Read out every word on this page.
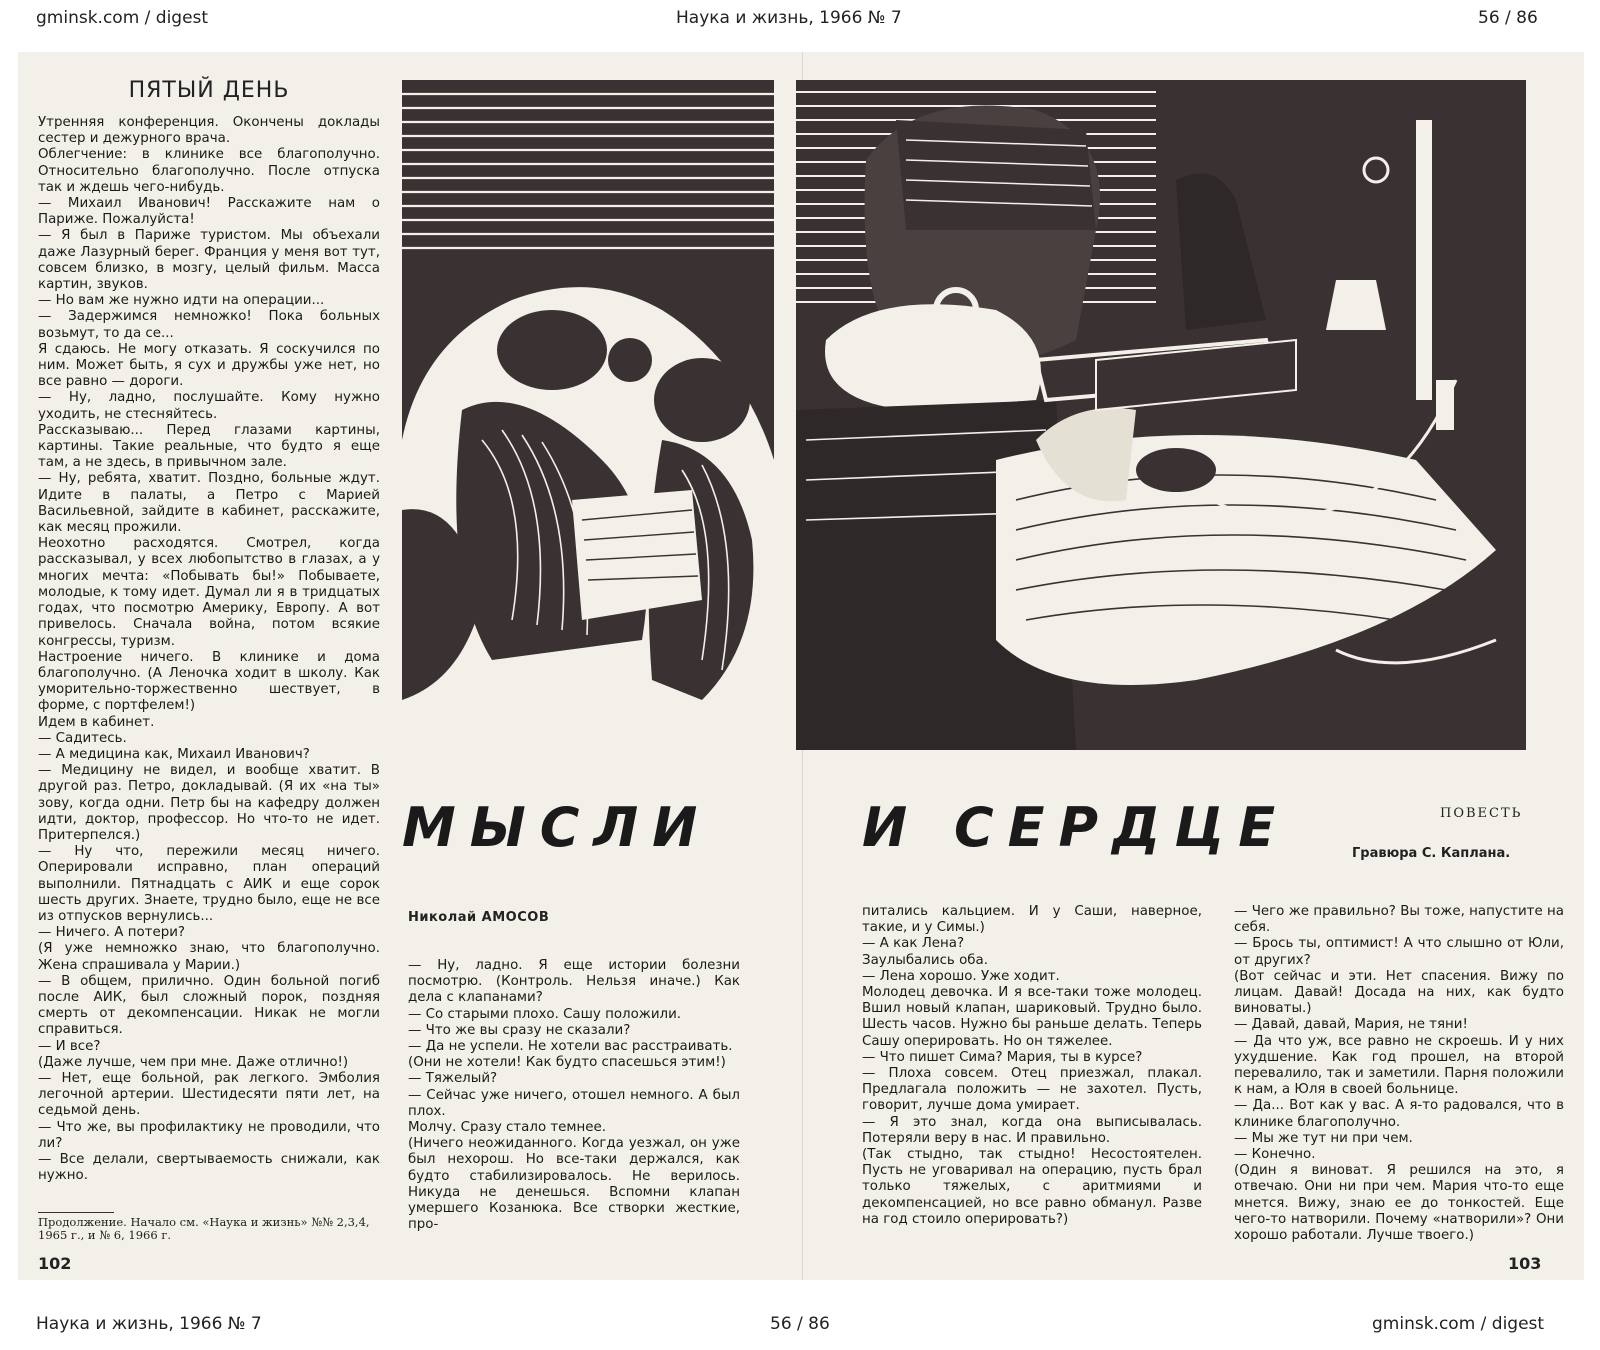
gminsk.com / digest	Наука и жизнь, 1966 № 7	56 / 86
ПЯТЫЙ ДЕНЬ
Утренняя конференция. Окончены доклады сестер и дежурного врача.
Облегчение: в клинике все благополучно. Относительно благополучно. После отпуска так и ждешь чего-нибудь.
— Михаил Иванович! Расскажите нам о Париже. Пожалуйста!
— Я был в Париже туристом. Мы объехали даже Лазурный берег. Франция у меня вот тут, совсем близко, в мозгу, целый фильм. Масса картин, звуков.
— Но вам же нужно идти на операции...
— Задержимся немножко! Пока больных возьмут, то да се...
Я сдаюсь. Не могу отказать. Я соскучился по ним. Может быть, я сух и дружбы уже нет, но все равно — дороги.
— Ну, ладно, послушайте. Кому нужно уходить, не стесняйтесь.
Рассказываю... Перед глазами картины, картины. Такие реальные, что будто я еще там, а не здесь, в привычном зале.
— Ну, ребята, хватит. Поздно, больные ждут. Идите в палаты, а Петро с Марией Васильевной, зайдите в кабинет, расскажите, как месяц прожили.
Неохотно расходятся. Смотрел, когда рассказывал, у всех любопытство в глазах, а у многих мечта: «Побывать бы!» Побываете, молодые, к тому идет. Думал ли я в тридцатых годах, что посмотрю Америку, Европу. А вот привелось. Сначала война, потом всякие конгрессы, туризм.
Настроение ничего. В клинике и дома благополучно. (А Леночка ходит в школу. Как уморительно-торжественно шествует, в форме, с портфелем!)
Идем в кабинет.
— Садитесь.
— А медицина как, Михаил Иванович?
— Медицину не видел, и вообще хватит. В другой раз. Петро, докладывай. (Я их «на ты» зову, когда одни. Петр бы на кафедру должен идти, доктор, профессор. Но что-то не идет. Притерпелся.)
— Ну что, пережили месяц ничего. Оперировали исправно, план операций выполнили. Пятнадцать с АИК и еще сорок шесть других. Знаете, трудно было, еще не все из отпусков вернулись...
— Ничего. А потери?
(Я уже немножко знаю, что благополучно. Жена спрашивала у Марии.)
— В общем, прилично. Один больной погиб после АИК, был сложный порок, поздняя смерть от декомпенсации. Никак не могли справиться.
— И все?
(Даже лучше, чем при мне. Даже отлично!)
— Нет, еще больной, рак легкого. Эмболия легочной артерии. Шестидесяти пяти лет, на седьмой день.
— Что же, вы профилактику не проводили, что ли?
— Все делали, свертываемость снижали, как нужно.
Продолжение. Начало см. «Наука и жизнь» №№ 2,3,4, 1965 г., и № 6, 1966 г.
102
МЫСЛИ	И СЕРДЦЕ	ПОВЕСТЬ
Гравюра С. Каплана.
Николай АМОСОВ
— Ну, ладно. Я еще истории болезни посмотрю. (Контроль. Нельзя иначе.) Как дела с клапанами?
— Со старыми плохо. Сашу положили.
— Что же вы сразу не сказали?
— Да не успели. Не хотели вас расстраивать.
(Они не хотели! Как будто спасешься этим!)
— Тяжелый?
— Сейчас уже ничего, отошел немного. А был плох.
Молчу. Сразу стало темнее.
(Ничего неожиданного. Когда уезжал, он уже был нехорош. Но все-таки держался, как будто стабилизировалось. Не верилось. Никуда не денешься. Вспомни клапан умершего Козанюка. Все створки жесткие, про-
питались кальцием. И у Саши, наверное, такие, и у Симы.)
— А как Лена?
Заулыбались оба.
— Лена хорошо. Уже ходит.
Молодец девочка. И я все-таки тоже молодец. Вшил новый клапан, шариковый. Трудно было. Шесть часов. Нужно бы раньше делать. Теперь Сашу оперировать. Но он тяжелее.
— Что пишет Сима? Мария, ты в курсе?
— Плоха совсем. Отец приезжал, плакал. Предлагала положить — не захотел. Пусть, говорит, лучше дома умирает.
— Я это знал, когда она выписывалась. Потеряли веру в нас. И правильно.
(Так стыдно, так стыдно! Несостоятелен. Пусть не уговаривал на операцию, пусть брал только тяжелых, с аритмиями и декомпенсацией, но все равно обманул. Разве на год стоило оперировать?)
— Чего же правильно? Вы тоже, напуститe на себя.
— Брось ты, оптимист! А что слышно от Юли, от других?
(Вот сейчас и эти. Нет спасения. Вижу по лицам. Давай! Досада на них, как будто виноваты.)
— Давай, давай, Мария, не тяни!
— Да что уж, все равно не скроешь. И у них ухудшение. Как год прошел, на второй перевалило, так и заметили. Парня положили к нам, а Юля в своей больнице.
— Да... Вот как у вас. А я-то радовался, что в клинике благополучно.
— Мы же тут ни при чем.
— Конечно.
(Один я виноват. Я решился на это, я отвечаю. Они ни при чем. Мария что-то еще мнется. Вижу, знаю ее до тонкостей. Еще чего-то натворили. Почему «натворили»? Они хорошо работали. Лучше твоего.)
103
Наука и жизнь, 1966 № 7	56 / 86	gminsk.com / digest
